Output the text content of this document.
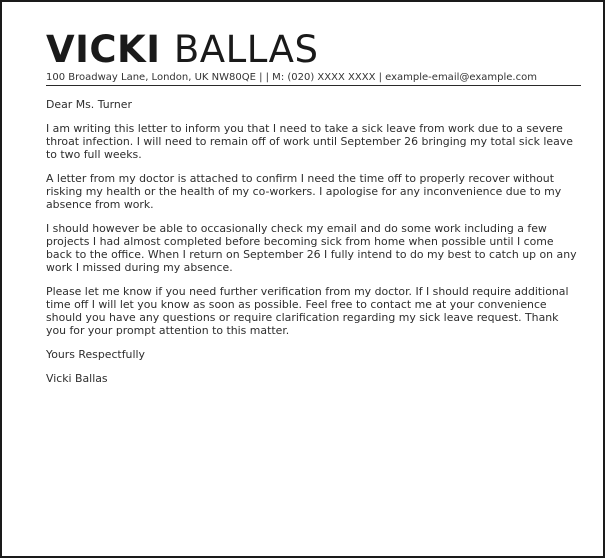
VICKI BALLAS
100 Broadway Lane, London, UK NW80QE | | M: (020) XXXX XXXX | example-email@example.com

Dear Ms. Turner

I am writing this letter to inform you that I need to take a sick leave from work due to a severe throat infection. I will need to remain off of work until September 26 bringing my total sick leave to two full weeks.

A letter from my doctor is attached to confirm I need the time off to properly recover without risking my health or the health of my co-workers. I apologise for any inconvenience due to my absence from work.

I should however be able to occasionally check my email and do some work including a few projects I had almost completed before becoming sick from home when possible until I come back to the office. When I return on September 26 I fully intend to do my best to catch up on any work I missed during my absence.

Please let me know if you need further verification from my doctor. If I should require additional time off I will let you know as soon as possible. Feel free to contact me at your convenience should you have any questions or require clarification regarding my sick leave request. Thank you for your prompt attention to this matter.

Yours Respectfully

Vicki Ballas
